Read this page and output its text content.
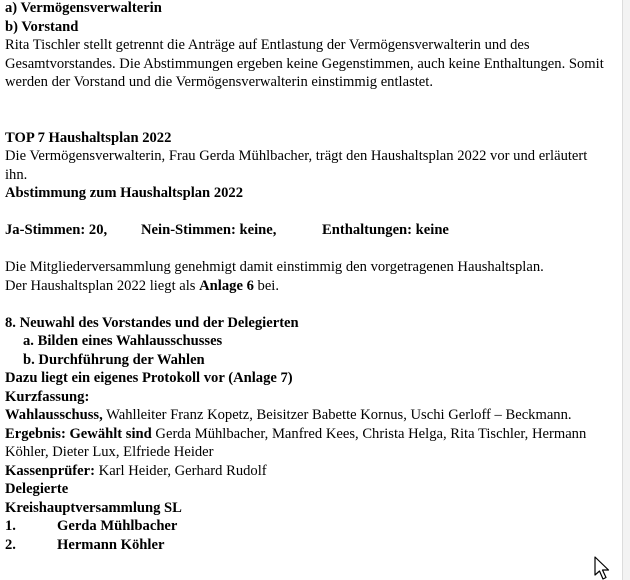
a) Vermögensverwalterin

b) Vorstand

Rita Tischler stellt getrennt die Anträge auf Entlastung der Vermögensverwalterin und des Gesamtvorstandes. Die Abstimmungen ergeben keine Gegenstimmen, auch keine Enthaltungen. Somit werden der Vorstand und die Vermögensverwalterin einstimmig entlastet.

TOP 7 Haushaltsplan 2022

Die Vermögensverwalterin, Frau Gerda Mühlbacher, trägt den Haushaltsplan 2022 vor und erläutert ihn.

Abstimmung zum Haushaltsplan 2022

Ja-Stimmen: 20,	Nein-Stimmen: keine,	Enthaltungen: keine

Die Mitgliederversammlung genehmigt damit einstimmig den vorgetragenen Haushaltsplan.

Der Haushaltsplan 2022 liegt als Anlage 6 bei.

8. Neuwahl des Vorstandes und der Delegierten

a. Bilden eines Wahlausschusses

b. Durchführung der Wahlen

Dazu liegt ein eigenes Protokoll vor (Anlage 7)

Kurzfassung:

Wahlausschuss, Wahlleiter Franz Kopetz, Beisitzer Babette Kornus, Uschi Gerloff – Beckmann.

Ergebnis: Gewählt sind Gerda Mühlbacher, Manfred Kees, Christa Helga, Rita Tischler, Hermann Köhler, Dieter Lux, Elfriede Heider

Kassenprüfer: Karl Heider, Gerhard Rudolf

Delegierte

Kreishauptversammlung SL

1.	Gerda Mühlbacher
2.	Hermann Köhler
